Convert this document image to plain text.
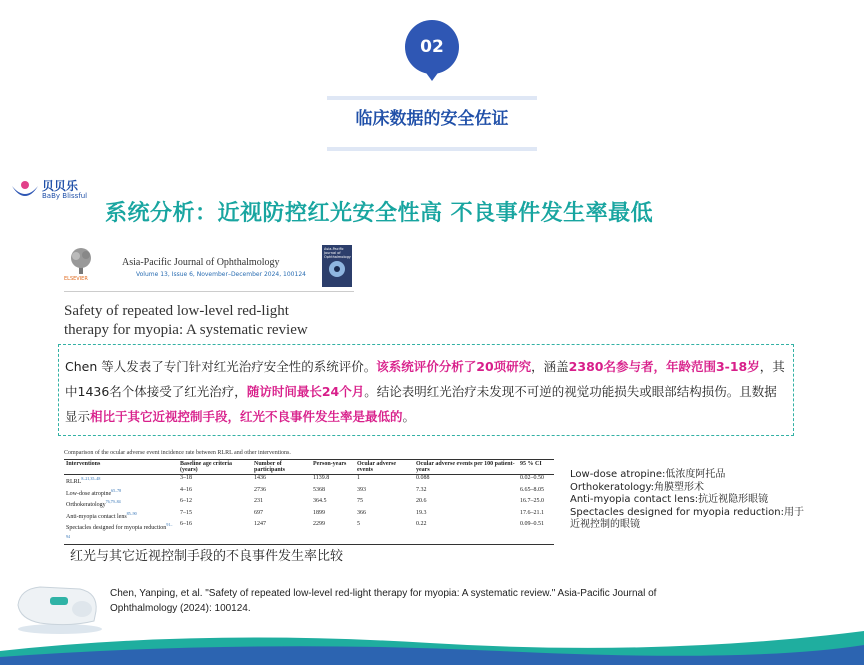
02
临床数据的安全佐证
贝贝乐
BaBy Blissful
系统分析：近视防控红光安全性高 不良事件发生率最低
ELSEVIER
Asia-Pacific Journal of Ophthalmology
Volume 13, Issue 6, November–December 2024, 100124
Asia-Pacific Journal of Ophthalmology
Safety of repeated low-level red-light
therapy for myopia: A systematic review
Chen 等人发表了专门针对红光治疗安全性的系统评价。该系统评价分析了20项研究，涵盖2380名参与者，年龄范围3-18岁，其中1436名个体接受了红光治疗，随访时间最长24个月。结论表明红光治疗未发现不可逆的视觉功能损失或眼部结构损伤。且数据显示相比于其它近视控制手段，红光不良事件发生率是最低的。
Comparison of the ocular adverse event incidence rate between RLRL and other interventions.
Interventions	Baseline age criteria (years)	Number of participants	Person-years	Ocular adverse events	Ocular adverse events per 100 patient-years	95 % CI
RLRL$^{8-21,35-48}$	3–18	1436	1139.8	1	0.088	0.02–0.50
Low-dose atropine$^{65-78}$	4–16	2736	5368	393	7.32	6.65–8.05
Orthokeratology$^{76,79-84}$	6–12	231	364.5	75	20.6	16.7–25.0
Anti-myopia contact lens$^{85-90}$	7–15	697	1899	366	19.3	17.6–21.1
Spectacles designed for myopia reduction$^{91-94}$	6–16	1247	2299	5	0.22	0.09–0.51
Low-dose atropine:低浓度阿托品
Orthokeratology:角膜塑形术
Anti-myopia contact lens:抗近视隐形眼镜
Spectacles designed for myopia reduction:用于近视控制的眼镜
红光与其它近视控制手段的不良事件发生率比较
Chen, Yanping, et al. "Safety of repeated low-level red-light therapy for myopia: A systematic review." Asia-Pacific Journal of Ophthalmology (2024): 100124.
